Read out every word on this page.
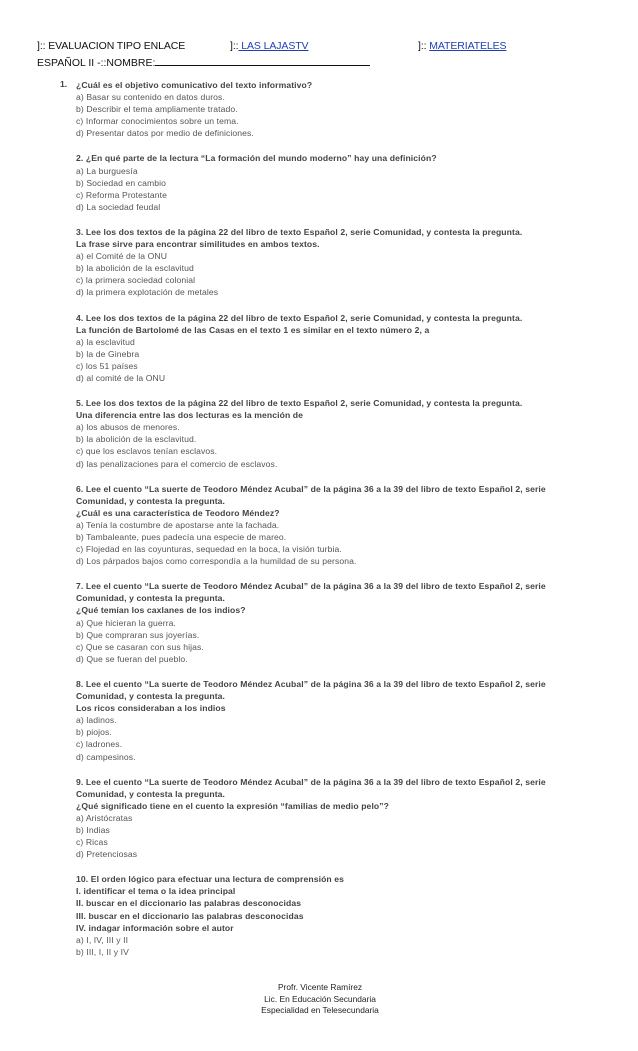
]:: EVALUACION TIPO ENLACE	]:: LAS LAJASTV	]:: MATERIATELES
ESPAÑOL II -::NOMBRE:
1. ¿Cuál es el objetivo comunicativo del texto informativo?
a) Basar su contenido en datos duros.
b) Describir el tema ampliamente tratado.
c) Informar conocimientos sobre un tema.
d) Presentar datos por medio de definiciones.
2. ¿En qué parte de la lectura “La formación del mundo moderno” hay una definición?
a) La burguesía
b) Sociedad en cambio
c) Reforma Protestante
d) La sociedad feudal
3. Lee los dos textos de la página 22 del libro de texto Español 2, serie Comunidad, y contesta la pregunta.
La frase sirve para encontrar similitudes en ambos textos.
a) el Comité de la ONU
b) la abolición de la esclavitud
c) la primera sociedad colonial
d) la primera explotación de metales
4. Lee los dos textos de la página 22 del libro de texto Español 2, serie Comunidad, y contesta la pregunta.
La función de Bartolomé de las Casas en el texto 1 es similar en el texto número 2, a
a) la esclavitud
b) la de Ginebra
c) los 51 países
d) al comité de la ONU
5. Lee los dos textos de la página 22 del libro de texto Español 2, serie Comunidad, y contesta la pregunta.
Una diferencia entre las dos lecturas es la mención de
a) los abusos de menores.
b) la abolición de la esclavitud.
c) que los esclavos tenían esclavos.
d) las penalizaciones para el comercio de esclavos.
6. Lee el cuento “La suerte de Teodoro Méndez Acubal” de la página 36 a la 39 del libro de texto Español 2, serie
Comunidad, y contesta la pregunta.
¿Cuál es una característica de Teodoro Méndez?
a) Tenía la costumbre de apostarse ante la fachada.
b) Tambaleante, pues padecía una especie de mareo.
c) Flojedad en las coyunturas, sequedad en la boca, la visión turbia.
d) Los párpados bajos como correspondía a la humildad de su persona.
7. Lee el cuento “La suerte de Teodoro Méndez Acubal” de la página 36 a la 39 del libro de texto Español 2, serie
Comunidad, y contesta la pregunta.
¿Qué temían los caxlanes de los indios?
a) Que hicieran la guerra.
b) Que compraran sus joyerías.
c) Que se casaran con sus hijas.
d) Que se fueran del pueblo.
8. Lee el cuento “La suerte de Teodoro Méndez Acubal” de la página 36 a la 39 del libro de texto Español 2, serie
Comunidad, y contesta la pregunta.
Los ricos consideraban a los indios
a) ladinos.
b) piojos.
c) ladrones.
d) campesinos.
9. Lee el cuento “La suerte de Teodoro Méndez Acubal” de la página 36 a la 39 del libro de texto Español 2, serie
Comunidad, y contesta la pregunta.
¿Qué significado tiene en el cuento la expresión “familias de medio pelo”?
a) Aristócratas
b) Indias
c) Ricas
d) Pretenciosas
10. El orden lógico para efectuar una lectura de comprensión es
I. identificar el tema o la idea principal
II. buscar en el diccionario las palabras desconocidas
III. buscar en el diccionario las palabras desconocidas
IV. indagar información sobre el autor
a) I, IV, III y II
b) III, I, II y IV
Profr. Vicente Ramírez
Lic. En Educación Secundaria
Especialidad en Telesecundaria
